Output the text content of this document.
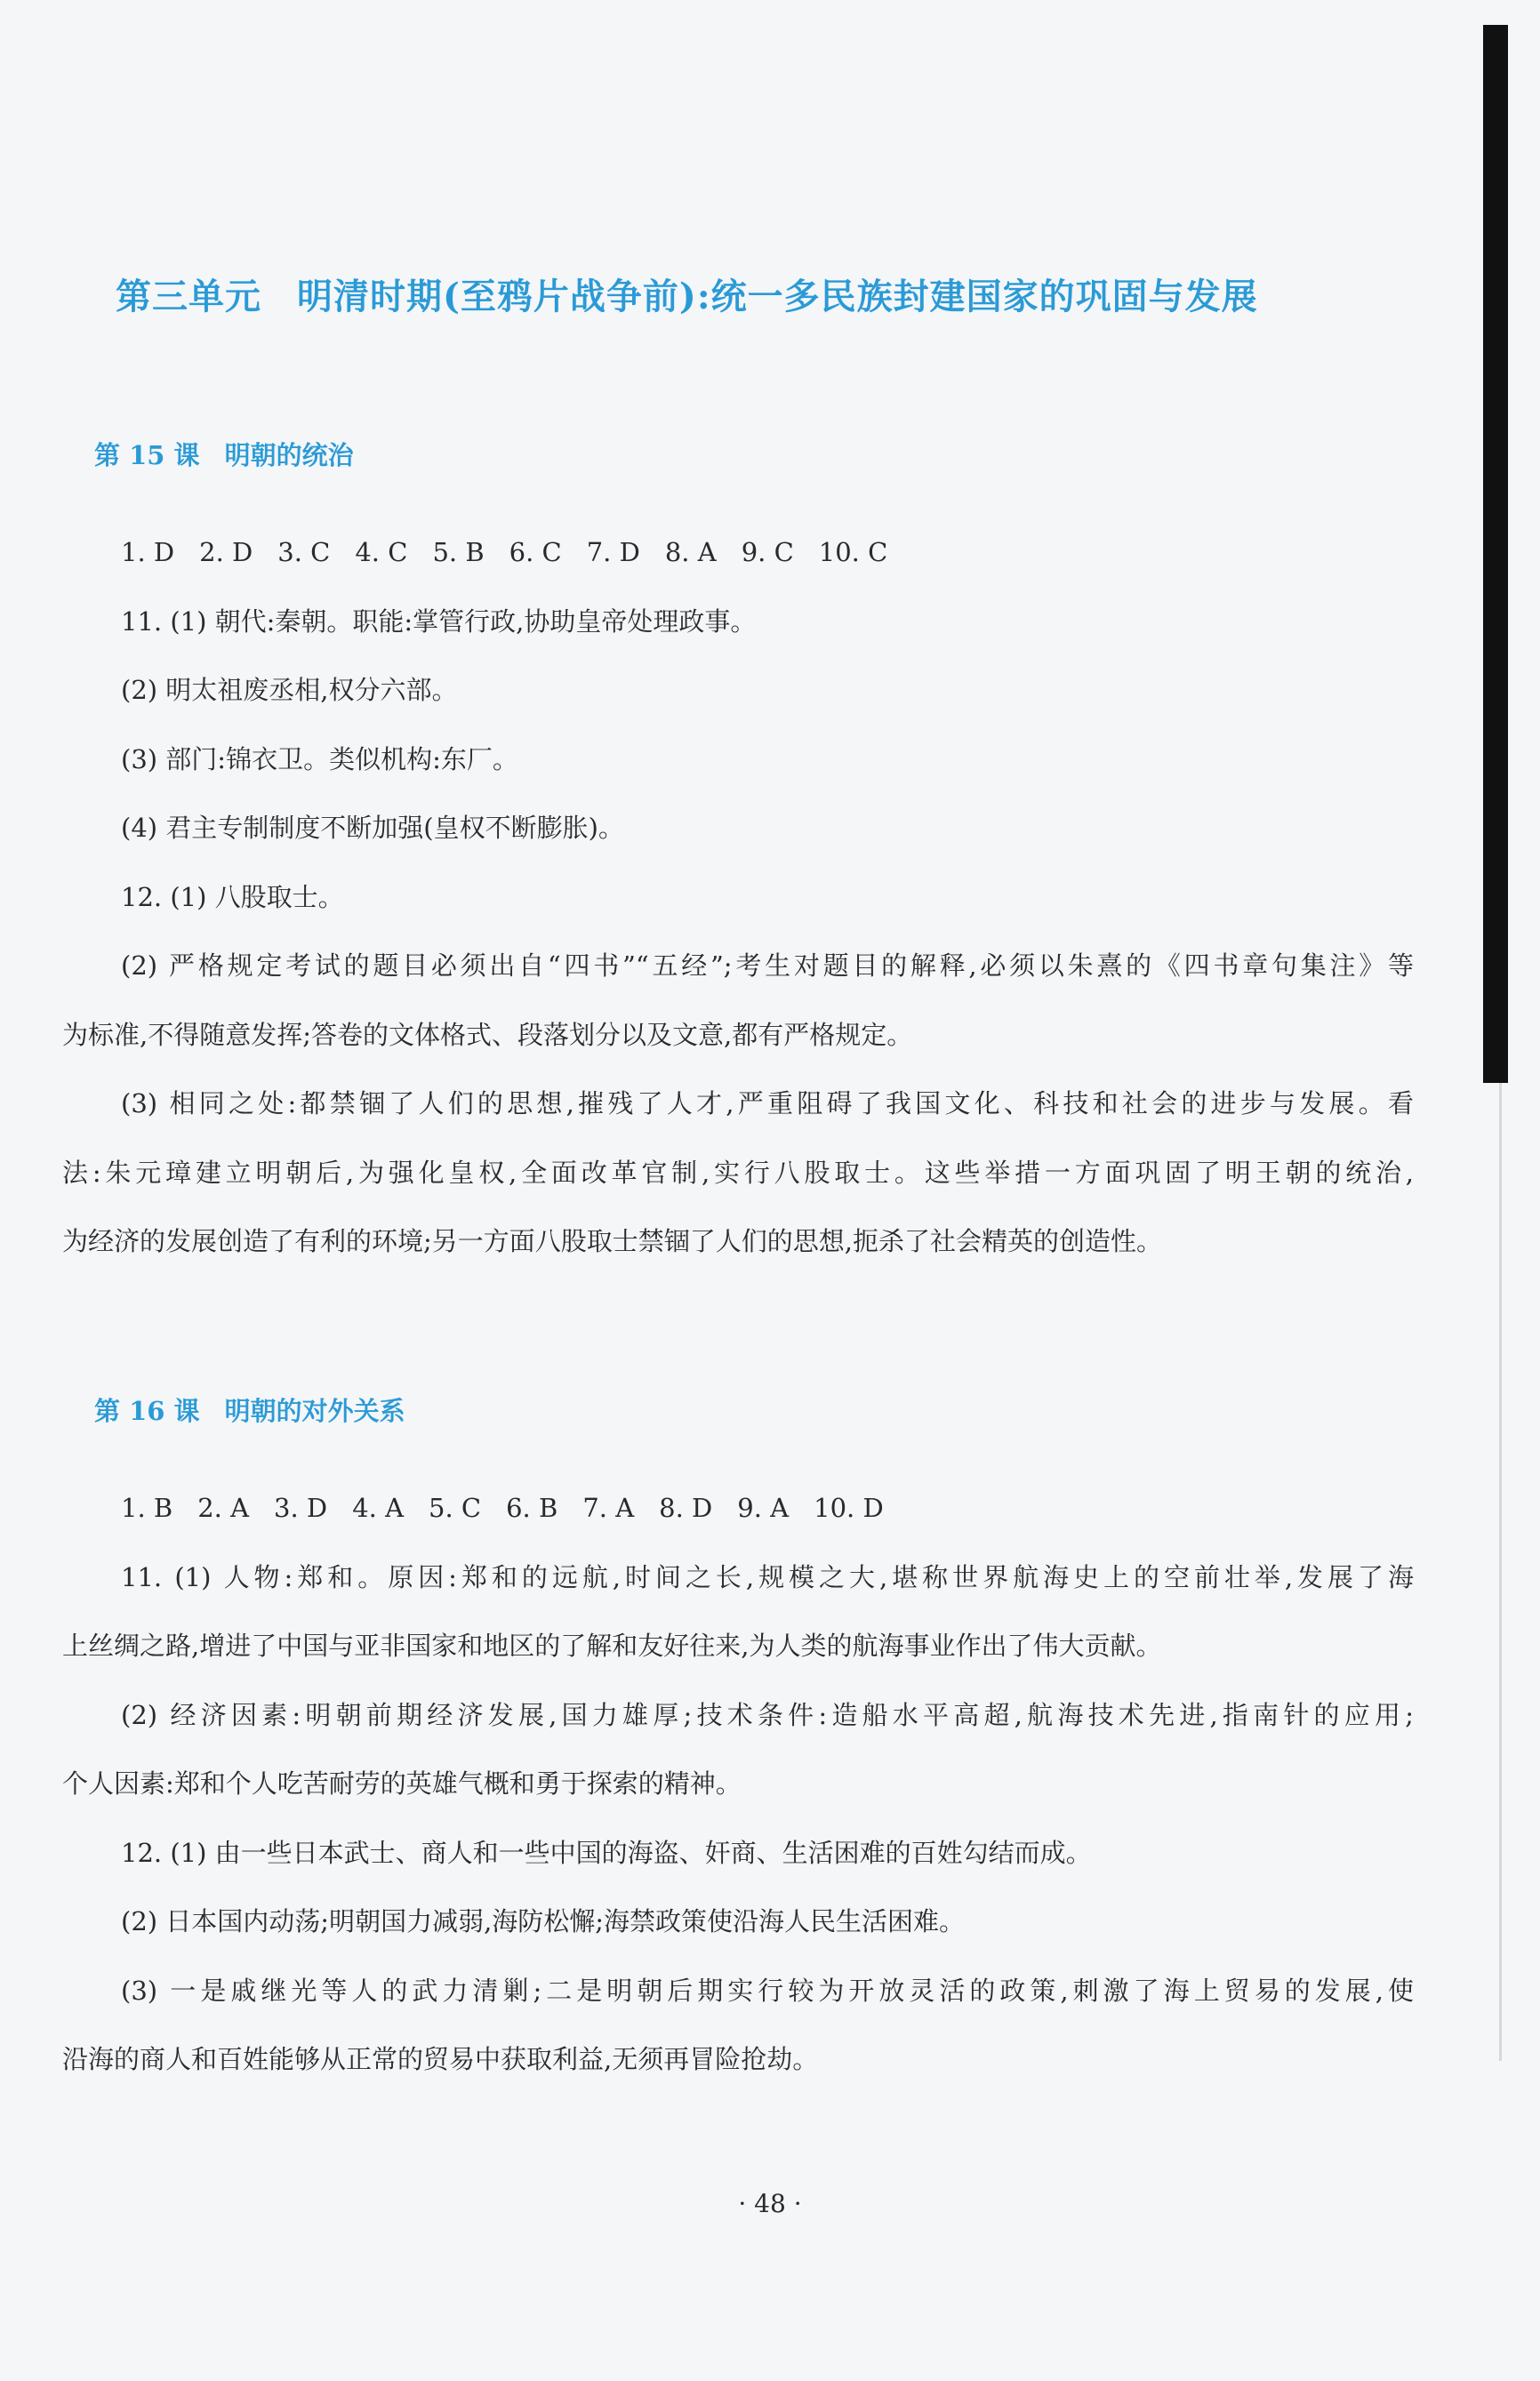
第三单元 明清时期(至鸦片战争前):统一多民族封建国家的巩固与发展
第 15 课 明朝的统治
1. D 2. D 3. C 4. C 5. B 6. C 7. D 8. A 9. C 10. C
11. (1) 朝代:秦朝。职能:掌管行政,协助皇帝处理政事。
(2) 明太祖废丞相,权分六部。
(3) 部门:锦衣卫。类似机构:东厂。
(4) 君主专制制度不断加强(皇权不断膨胀)。
12. (1) 八股取士。
(2) 严格规定考试的题目必须出自“四书”“五经”;考生对题目的解释,必须以朱熹的《四书章句集注》等
为标准,不得随意发挥;答卷的文体格式、段落划分以及文意,都有严格规定。
(3) 相同之处:都禁锢了人们的思想,摧残了人才,严重阻碍了我国文化、科技和社会的进步与发展。看
法:朱元璋建立明朝后,为强化皇权,全面改革官制,实行八股取士。这些举措一方面巩固了明王朝的统治,
为经济的发展创造了有利的环境;另一方面八股取士禁锢了人们的思想,扼杀了社会精英的创造性。
第 16 课 明朝的对外关系
1. B 2. A 3. D 4. A 5. C 6. B 7. A 8. D 9. A 10. D
11. (1) 人物:郑和。原因:郑和的远航,时间之长,规模之大,堪称世界航海史上的空前壮举,发展了海
上丝绸之路,增进了中国与亚非国家和地区的了解和友好往来,为人类的航海事业作出了伟大贡献。
(2) 经济因素:明朝前期经济发展,国力雄厚;技术条件:造船水平高超,航海技术先进,指南针的应用;
个人因素:郑和个人吃苦耐劳的英雄气概和勇于探索的精神。
12. (1) 由一些日本武士、商人和一些中国的海盗、奸商、生活困难的百姓勾结而成。
(2) 日本国内动荡;明朝国力减弱,海防松懈;海禁政策使沿海人民生活困难。
(3) 一是戚继光等人的武力清剿;二是明朝后期实行较为开放灵活的政策,刺激了海上贸易的发展,使
沿海的商人和百姓能够从正常的贸易中获取利益,无须再冒险抢劫。
· 48 ·
